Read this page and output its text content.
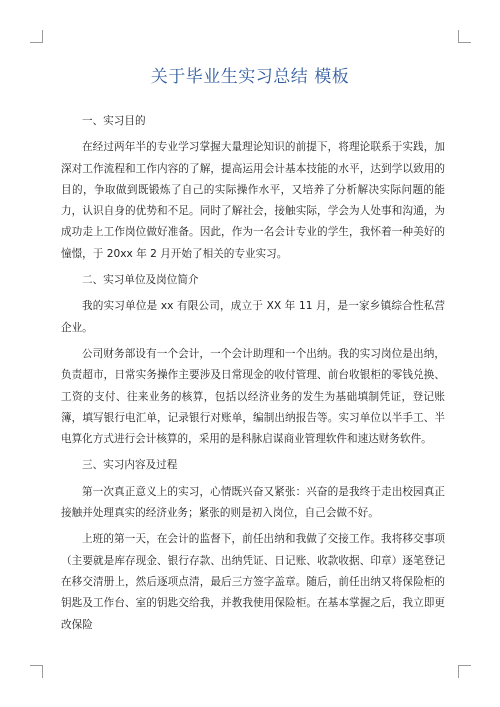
关于毕业生实习总结 模板

一、实习目的

在经过两年半的专业学习掌握大量理论知识的前提下，将理论联系于实践，加深对工作流程和工作内容的了解，提高运用会计基本技能的水平，达到学以致用的目的，争取做到既锻炼了自己的实际操作水平，又培养了分析解决实际问题的能力，认识自身的优势和不足。同时了解社会，接触实际，学会为人处事和沟通，为成功走上工作岗位做好准备。因此，作为一名会计专业的学生，我怀着一种美好的憧憬，于 20xx 年 2 月开始了相关的专业实习。

二、实习单位及岗位简介

我的实习单位是 xx 有限公司，成立于 XX 年 11 月，是一家乡镇综合性私营企业。

公司财务部设有一个会计，一个会计助理和一个出纳。我的实习岗位是出纳，负责超市，日常实务操作主要涉及日常现金的收付管理、前台收银柜的零钱兑换、工资的支付、往来业务的核算，包括以经济业务的发生为基础填制凭证，登记账簿，填写银行电汇单，记录银行对账单，编制出纳报告等。实习单位以半手工、半电算化方式进行会计核算的，采用的是科脉启谋商业管理软件和速达财务软件。

三、实习内容及过程

第一次真正意义上的实习，心情既兴奋又紧张：兴奋的是我终于走出校园真正接触并处理真实的经济业务；紧张的则是初入岗位，自己会做不好。

上班的第一天，在会计的监督下，前任出纳和我做了交接工作。我将移交事项（主要就是库存现金、银行存款、出纳凭证、日记账、收款收据、印章）逐笔登记在移交清册上，然后逐项点清，最后三方签字盖章。随后，前任出纳又将保险柜的钥匙及工作台、室的钥匙交给我，并教我使用保险柜。在基本掌握之后，我立即更改保险
